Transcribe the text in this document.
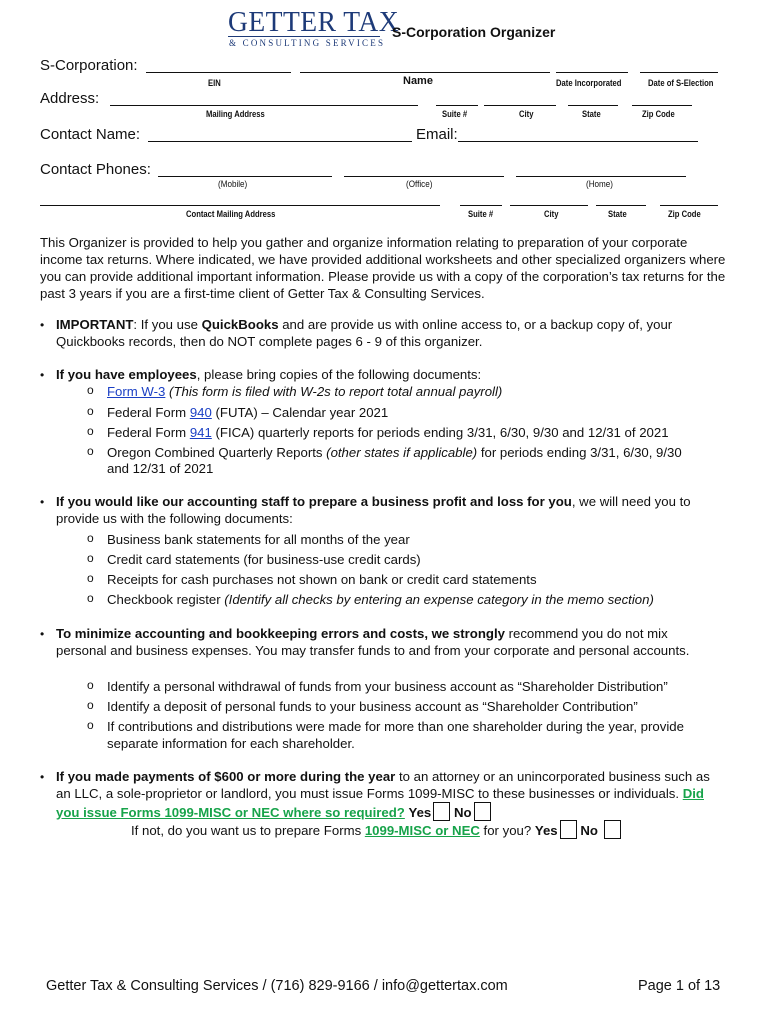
GETTER TAX
& CONSULTING SERVICES
S-Corporation Organizer
S-Corporation:
EIN	Name	Date Incorporated	Date of S-Election
Address:
Mailing Address	Suite #	City	State	Zip Code
Contact Name:	Email:
Contact Phones:
(Mobile)	(Office)	(Home)
Contact Mailing Address	Suite #	City	State	Zip Code
This Organizer is provided to help you gather and organize information relating to preparation of your corporate income tax returns. Where indicated, we have provided additional worksheets and other specialized organizers where you can provide additional important information. Please provide us with a copy of the corporation’s tax returns for the past 3 years if you are a first-time client of Getter Tax & Consulting Services.
• IMPORTANT: If you use QuickBooks and are provide us with online access to, or a backup copy of, your Quickbooks records, then do NOT complete pages 6 - 9 of this organizer.
• If you have employees, please bring copies of the following documents:
o Form W-3 (This form is filed with W-2s to report total annual payroll)
o Federal Form 940 (FUTA) – Calendar year 2021
o Federal Form 941 (FICA) quarterly reports for periods ending 3/31, 6/30, 9/30 and 12/31 of 2021
o Oregon Combined Quarterly Reports (other states if applicable) for periods ending 3/31, 6/30, 9/30
and 12/31 of 2021
• If you would like our accounting staff to prepare a business profit and loss for you, we will need you to provide us with the following documents:
o Business bank statements for all months of the year
o Credit card statements (for business-use credit cards)
o Receipts for cash purchases not shown on bank or credit card statements
o Checkbook register (Identify all checks by entering an expense category in the memo section)
• To minimize accounting and bookkeeping errors and costs, we strongly recommend you do not mix personal and business expenses. You may transfer funds to and from your corporate and personal accounts.
o Identify a personal withdrawal of funds from your business account as “Shareholder Distribution”
o Identify a deposit of personal funds to your business account as “Shareholder Contribution”
o If contributions and distributions were made for more than one shareholder during the year, provide
separate information for each shareholder.
• If you made payments of $600 or more during the year to an attorney or an unincorporated business such as an LLC, a sole-proprietor or landlord, you must issue Forms 1099-MISC to these businesses or individuals. Did you issue Forms 1099-MISC or NEC where so required? Yes No
If not, do you want us to prepare Forms 1099-MISC or NEC for you? Yes No
Getter Tax & Consulting Services / (716) 829-9166 / info@gettertax.com	Page 1 of 13
